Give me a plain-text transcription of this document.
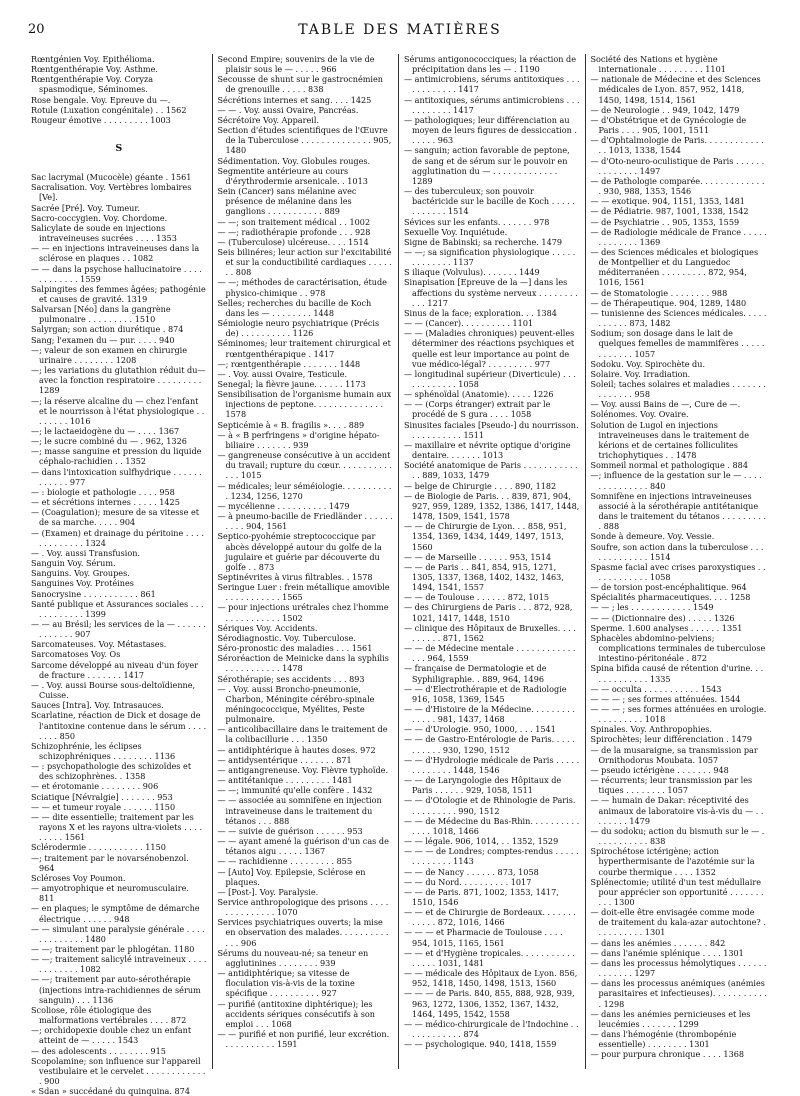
20	TABLE DES MATIÈRES

Rœntgénien Voy. Epithélioma.

Rœntgenthérapie Voy. Asthme.

Rœntgenthérapie Voy. Coryza spasmodique, Séminomes.

Rose bengale. Voy. Epreuve du —.

Rotule (Luxation congénitale) . . 1562

Rougeur émotive . . . . . . . . . 1003

S

Sac lacrymal (Mucocèle) géante . 1561

Sacralisation. Voy. Vertèbres lombaires [Ve].

Sacrée [Pré]. Voy. Tumeur.

Sacro-coccygien. Voy. Chordome.

Salicylate de soude en injections intraveineuses sucrées . . . . 1353

— — en injections intraveineuses dans la sclérose en plaques . . 1082

— — dans la psychose hallucinatoire . . . . . . . . . . . . 1559

Salpingites des femmes âgées; pathogénie et causes de gravité. 1319

Salvarsan [Néo] dans la gangrène pulmonaire . . . . . . . . . 1510

Salyrgan; son action diurétique . 874

Sang; l'examen du — pur. . . . . 940

—; valeur de son examen en chirurgie urinaire . . . . . . . . 1208

—; les variations du glutathion réduit du— avec la fonction respiratoire . . . . . . . . . 1289

—; la réserve alcaline du — chez l'enfant et le nourrisson à l'état physiologique . . . . . . . . 1016

—; le lactaeidogène du — . . . . 1367

—; le sucre combiné du — . 962, 1326

—; masse sanguine et pression du liquide céphalo-rachidien . . 1352

— dans l'intoxication sulfhydrique . . . . . . . . . . . . 977

— : biologie et pathologie . . . . 958

— et sécrétions internes . . . . . 1425

— (Coagulation); mesure de sa vitesse et de sa marche. . . . . 904

— (Examen) et drainage du péritoine . . . . . . . . . . . . . 1324

— . Voy. aussi Transfusion.

Sanguin Voy. Sérum.

Sanguins. Voy. Groupes.

Sanguines Voy. Protéines

Sanocrysine . . . . . . . . . . . 861

Santé publique et Assurances sociales . . . . . . . . . . . . 1399

— — au Brésil; les services de la — . . . . . . . . . . . . . 907

Sarcomateuses. Voy. Métastases.

Sarcomatoses Voy. Os

Sarcome développé au niveau d'un foyer de fracture . . . . . . . 1417

— . Voy. aussi Bourse sous-deltoïdienne, Cuisse.

Sauces [Intra]. Voy. Intrasauces.

Scarlatine, réaction de Dick et dosage de l'antitoxine contenue dans le sérum . . . . . . . . 850

Schizophrénie, les éclipses schizophréniques . . . . . . . . 1136

— : psychopathologie des schizoïdes et des schizophrènes. . 1358

— et érotomanie . . . . . . . . 906

Sciatique [Névralgie] . . . . . . . 953

— — et tumeur royale . . . . . . 1150

— — dite essentielle; traitement par les rayons X et les rayons ultra-violets . . . . . . . . . 1561

Sclérodermie . . . . . . . . . . . 1150

—; traitement par le novarsénobenzol. 964

Scléroses Voy Poumon.

— amyotrophique et neuromusculaire. 811

— en plaques; le symptôme de démarche électrique . . . . . . 948

— — simulant une paralysie générale . . . . . . . . . . . . . 1480

— —; traitement par le phlogétan. 1180

— —; traitement salicylé intraveineux . . . . . . . . . . . . 1082

— —; traitement par auto-sérothérapie (injections intra-rachidiennes de sérum sanguin) . . . 1136

Scoliose, rôle étiologique des malformations vertébrales . . . . 872

—; orchidopexie double chez un enfant atteint de — . . . . . 1543

— des adolescents . . . . . . . . 915

Scopolamine; son influence sur l'appareil vestibulaire et le cervelet . . . . . . . . . . . . . 900

« Sdan » succédané du quinquina. 874

Second Empire; souvenirs de la vie de plaisir sous le — . . . . . 966

Secousse de shunt sur le gastrocnémien de grenouille . . . . . 838

Sécrétions internes et sang. . . . 1425

— — . Voy. aussi Ovaire, Pancréas.

Sécrétoire Voy. Appareil.

Section d'études scientifiques de l'Œuvre de la Tuberculose . . . . . . . . . . . . . . 905, 1480

Sédimentation. Voy. Globules rouges.

Segmentite antérieure au cours d'érythrodermie arsenicale. . 1013

Sein (Cancer) sans mélanine avec présence de mélanine dans les ganglions . . . . . . . . . . . 889

— —; son traitement médical . . 1002

— —; radiothérapie profonde . . . 928

— (Tuberculose) ulcéreuse. . . . 1514

Seis bilinéres; leur action sur l'excitabilité et sur la conductibilité cardiaques . . . . . . . 808

— —; méthodes de caractérisation, étude physico-chimique . . 978

Selles; recherches du bacille de Koch dans les — . . . . . . . . 1448

Sémiologie neuro psychiatrique (Précis de) . . . . . . . . . . 1126

Séminomes; leur traitement chirurgical et rœntgenthérapique . 1417

—; rœntgenthérapie . . . . . . . 1448

— . Voy. aussi Ovaire, Testicule.

Senegal; la fièvre jaune. . . . . . 1173

Sensibilisation de l'organisme humain aux injections de peptone. . . . . . . . . . . . . . 1578

Septicémie à « B. fragilis ». . . . 889

— à « B perfringens » d'origine hépato-biliaire . . . . . . . 939

— gangreneuse consécutive à un accident du travail; rupture du cœur. . . . . . . . . . . . . . 1015

— médicales; leur séméiologie. . . . . . . . . . . 1234, 1256, 1270

— mycélienne . . . . . . . . . . 1479

— à pneumo-bacille de Friedländer . . . . . . . . . . 904, 1561

Septico-pyohémie streptococcique par abcès développé autour du golfe de la jugulaire et guérie par découverte du golfe . . 873

Septinévrites à virus filtrables. . 1578

Seringue Luer : frein métallique amovible . . . . . . . . . . . 1565

— pour injections urétrales chez l'homme . . . . . . . . . . . 1502

Sériques Voy. Accidents.

Sérodiagnostic. Voy. Tuberculose.

Séro-pronostic des maladies . . . 1561

Séroréaction de Meinicke dans la syphilis . . . . . . . . . . . 1478

Sérothérapie; ses accidents . . . 893

— . Voy. aussi Broncho-pneumonie, Charbon, Méningite cérébro-spinale méningococcique, Myélites, Peste pulmonaire.

— anticolibacillaire dans le traitement de la colibacillurie . . . 1350

— antidiphtérique à hautes doses. 972

— antidysentérique . . . . . . . 871

— antigangreneuse. Voy. Fièvre typhoïde.

— antitétanique . . . . . . . . . 1481

— —; immunité qu'elle confère . 1432

— — associée au somnifène en injection intraveineuse dans le traitement du tétanos . . . 888

— — suivie de guérison . . . . . . 953

— — ayant amené la guérison d'un cas de tétanos aigu . . . . . 1367

— — rachidienne . . . . . . . . . 855

— [Auto] Voy. Epilepsie, Sclérose en plaques.

— [Post-]. Voy. Paralysie.

Service anthropologique des prisons . . . . . . . . . . . . . . 1070

Services psychiatriques ouverts; la mise en observation des malades. . . . . . . . . . . . . 906

Sérums du nouveau-né; sa teneur en agglutinines . . . . . . . . 939

— antidiphtérique; sa vitesse de floculation vis-à-vis de la toxine spécifique . . . . . . . . . . 927

— purifié (antitoxine diphtérique); les accidents sériques consécutifs à son emploi . . . 1068

— — purifié et non purifié, leur excrétion. . . . . . . . . . . 1591

Sérums antigonococciques; la réaction de précipitation dans les — . 1190

— antimicrobiens, sérums antitoxiques . . . . . . . . . . . . 1417

— antitoxiques, sérums antimicrobiens . . . . . . . . . . . 1417

— pathologiques; leur différenciation au moyen de leurs figures de dessiccation . . . . . . 963

— sanguin; action favorable de peptone, de sang et de sérum sur le pouvoir en agglutination du — . . . . . . . . . . . . . 1289

— des tuberculeux; son pouvoir bactéricide sur le bacille de Koch . . . . . . . . . . . . 1514

Sévices sur les enfants. . . . . . . 978

Sexuelle Voy. Inquiétude.

Signe de Babinski; sa recherche. 1479

— —; sa signification physiologique . . . . . . . . . . . . . 1137

S iliaque (Volvulus). . . . . . . 1449

Sinapisation [Epreuve de la —] dans les affections du système nerveux . . . . . . . . . . . 1217

Sinus de la face; exploration. . . 1384

— — (Cancer). . . . . . . . . . 1101

— — (Maladies chroniques) peuvent-elles déterminer des réactions psychiques et quelle est leur importance au point de vue médico-légal? . . . . . . . . . 977

— longitudinal supérieur (Diverticule) . . . . . . . . . . . . 1058

— sphénoïdal (Anatomie). . . . . 1226

— — (Corps étranger) extrait par le procédé de S gura . . . . 1058

Sinusites faciales [Pseudo-] du nourrisson. . . . . . . . . . . 1511

— maxillaire et névrite optique d'origine dentaire. . . . . . . 1013

Société anatomique de Paris . . . . . . . . . . . . . 889, 1033, 1479

— belge de Chirurgie . . . . 890, 1182

— de Biologie de Paris. . . 839, 871, 904, 927, 959, 1289, 1352, 1386, 1417, 1448, 1478, 1509, 1541, 1578

— — de Chirurgie de Lyon. . . 858, 951, 1354, 1369, 1434, 1449, 1497, 1513, 1560

— — de Marseille . . . . . . 953, 1514

— — de Paris . . 841, 854, 915, 1271, 1305, 1337, 1368, 1402, 1432, 1463, 1494, 1541, 1557

— — de Toulouse . . . . . . 872, 1015

— des Chirurgiens de Paris . . . 872, 928, 1021, 1417, 1448, 1510

— clinique des Hôpitaux de Bruxelles. . . . . . . . . . 871, 1562

— — de Médecine mentale . . . . . . . . . . . . . . . 964, 1559

— française de Dermatologie et de Syphiligraphie. . 889, 964, 1496

— — d'Electrothérapie et de Radiologie 916, 1058, 1369, 1545

— — d'Histoire de la Médecine. . . . . . . . . . . . . . 981, 1437, 1468

— — d'Urologie. 950, 1000, . . . 1541

— — de Gastro-Entérologie de Paris. . . . . . . . . . . 930, 1290, 1512

— — d'Hydrologie médicale de Paris . . . . . . . . . . . . . 1448, 1546

— — de Laryngologie des Hôpitaux de Paris . . . . . . 929, 1058, 1511

— — d'Otologie et de Rhinologie de Paris. . . . . . . . . . 990, 1512

— — de Médecine du Bas-Rhin. . . . . . . . . . . . . . 1018, 1466

— — légale. 906, 1014, . . 1352, 1529

— — — de Londres; comptes-rendus . . . . . . . . . . . . . 1143

— — de Nancy . . . . . . 873, 1058

— — du Nord. . . . . . . . . . 1017

— — de Paris. 871, 1002, 1353, 1417, 1510, 1546

— — et de Chirurgie de Bordeaux. . . . . . . . . . . . 872, 1016, 1466

— — — et Pharmacie de Toulouse . . . . 954, 1015, 1165, 1561

— — et d'Hygiène tropicales. . . . . . . . . . . . . . . . 1031, 1481

— — médicale des Hôpitaux de Lyon. 856, 952, 1418, 1450, 1498, 1513, 1560

— — — de Paris. 840, 855, 888, 928, 939, 963, 1272, 1306, 1352, 1367, 1432, 1464, 1495, 1542, 1558

— — médico-chirurgicale de l'Indochine . . . . . . . . . . . . 874

— — psychologique. 940, 1418, 1559

Société des Nations et hygiène internationale . . . . . . . . . 1101

— nationale de Médecine et des Sciences médicales de Lyon. 857, 952, 1418, 1450, 1498, 1514, 1561

— de Neurologie . . 949, 1042, 1479

— d'Obstétrique et de Gynécologie de Paris . . . . 905, 1001, 1511

— d'Ophtalmologie de Paris. . . . . . . . . . . . . . 1013, 1338, 1544

— d'Oto-neuro-oculistique de Paris . . . . . . . . . . . . . . 1497

— de Pathologie comparée. . . . . . . . . . . . . . 930, 988, 1353, 1546

— — exotique. 904, 1151, 1353, 1481

— de Pédiatrie. 987, 1001, 1338, 1542

— de Psychiatrie . . 905, 1353, 1559

— de Radiologie médicale de France . . . . . . . . . . . . . 1369

— des Sciences médicales et biologiques de Montpellier et du Languedoc méditerranéen . . . . . . . . . 872, 954, 1016, 1561

— de Stomatologie . . . . . . . . 988

— de Thérapeutique. 904, 1289, 1480

— tunisienne des Sciences médicales. . . . . . . . . . . 873, 1482

Sodium; son dosage dans le lait de quelques femelles de mammifères . . . . . . . . . . . . 1057

Sodoku. Voy. Spirochète du.

Solaire. Voy. Irradiation.

Soleil; taches solaires et maladies . . . . . . . . . . . . . . 958

— Voy. aussi Bains de —, Cure de —.

Solénomes. Voy. Ovaire.

Solution de Lugol en injections intraveineuses dans le traitement de kérions et de certaines folliculites trichophytiques . . 1478

Sommeil normal et pathologique . 884

—; influence de la gestation sur le — . . . . . . . . . . . . . . 840

Somnifène en injections intraveineuses associé à la sérothérapie antitétanique dans le traitement du tétanos . . . . . . . . . . 888

Sonde à demeure. Voy. Vessie.

Soufre, son action dans la tuberculose . . . . . . . . . . . . . 1514

Spasme facial avec crises paroxystiques . . . . . . . . . . . . 1058

— de torsion post-encéphalitique. 964

Spécialités pharmaceutiques. . . . 1258

— — ; les . . . . . . . . . . . . 1549

— — (Dictionnaire des) . . . . . 1326

Sperme. 1.600 analyses . . . . . . 1351

Sphacèles abdomino-pelviens; complications terminales de tuberculose intestino-péritonéale . 872

Spina bifida causé de rétention d'urine. . . . . . . . . . . . . 1335

— — occulta . . . . . . . . . . . 1543

— — — ; ses formes atténuées. 1544

— — — ; ses formes atténuées en urologie. . . . . . . . . . 1018

Spinales. Voy. Anthropophies.

Spirochètes; leur différenciation . 1479

— de la musaraigne, sa transmission par Ornithodorus Moubata. 1057

— pseudo ictérigène . . . . . . . 948

— récurrents; leur transmission par les tiques . . . . . . . . 1057

— — humain de Dakar: réceptivité des animaux de laboratoire vis-à-vis du — . . . . . . . . 1479

— du sodoku; action du bismuth sur le — . . . . . . . . . . . 838

Spirochétose ictérigène; action hyperthermisante de l'azotémie sur la courbe thermique . . . . 1352

Splénectomie; utilité d'un test médullaire pour apprécier son opportunité . . . . . . . . . . 1300

— doit-elle être envisagée comme mode de traitement du kala-azar autochtone? . . . . . . . . . . 1301

— dans les anémies . . . . . . . 842

— dans l'anémie splénique . . . . 1301

— dans les processus hémolytiques . . . . . . . . . . . . . 1297

— dans les processus anémiques (anémies parasitaires et infectieuses). . . . . . . . . . . . 1298

— dans les anémies pernicieuses et les leucémies . . . . . . . 1299

— dans l'hémogénie (thrombopénie essentielle) . . . . . . . . 1301

— pour purpura chronique . . . . 1368
